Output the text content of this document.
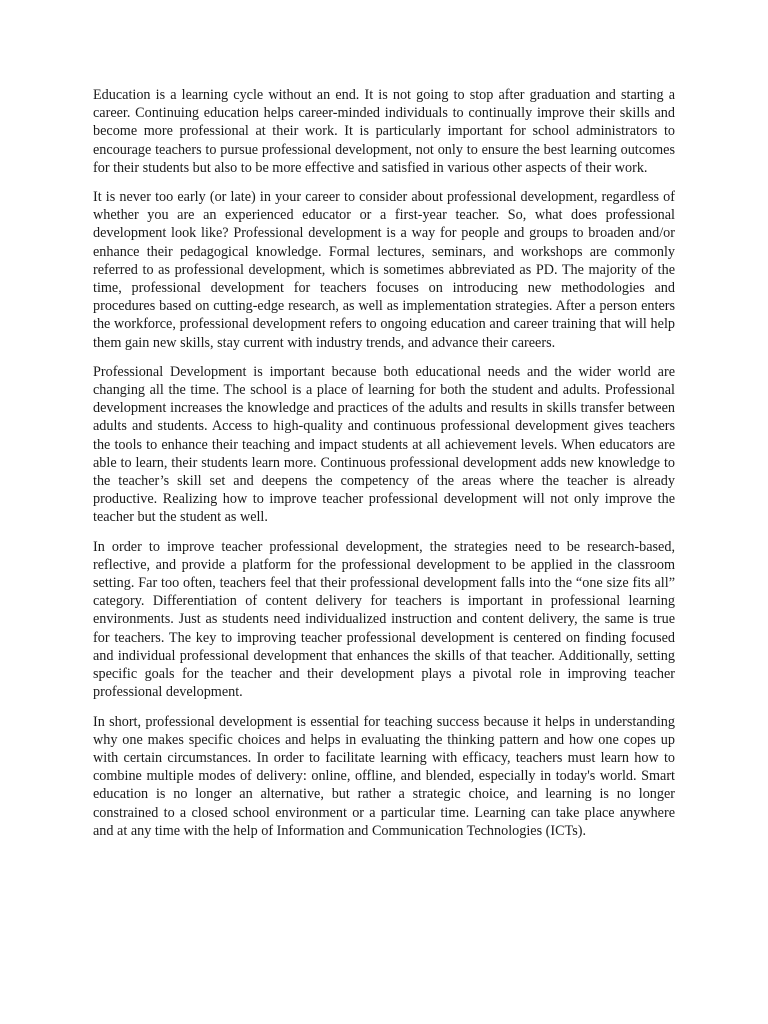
Education is a learning cycle without an end. It is not going to stop after graduation and starting a career. Continuing education helps career-minded individuals to continually improve their skills and become more professional at their work. It is particularly important for school administrators to encourage teachers to pursue professional development, not only to ensure the best learning outcomes for their students but also to be more effective and satisfied in various other aspects of their work.

It is never too early (or late) in your career to consider about professional development, regardless of whether you are an experienced educator or a first-year teacher. So, what does professional development look like? Professional development is a way for people and groups to broaden and/or enhance their pedagogical knowledge. Formal lectures, seminars, and workshops are commonly referred to as professional development, which is sometimes abbreviated as PD. The majority of the time, professional development for teachers focuses on introducing new methodologies and procedures based on cutting-edge research, as well as implementation strategies. After a person enters the workforce, professional development refers to ongoing education and career training that will help them gain new skills, stay current with industry trends, and advance their careers.

Professional Development is important because both educational needs and the wider world are changing all the time. The school is a place of learning for both the student and adults. Professional development increases the knowledge and practices of the adults and results in skills transfer between adults and students. Access to high-quality and continuous professional development gives teachers the tools to enhance their teaching and impact students at all achievement levels. When educators are able to learn, their students learn more. Continuous professional development adds new knowledge to the teacher’s skill set and deepens the competency of the areas where the teacher is already productive. Realizing how to improve teacher professional development will not only improve the teacher but the student as well.

In order to improve teacher professional development, the strategies need to be research-based, reflective, and provide a platform for the professional development to be applied in the classroom setting. Far too often, teachers feel that their professional development falls into the “one size fits all” category. Differentiation of content delivery for teachers is important in professional learning environments. Just as students need individualized instruction and content delivery, the same is true for teachers. The key to improving teacher professional development is centered on finding focused and individual professional development that enhances the skills of that teacher. Additionally, setting specific goals for the teacher and their development plays a pivotal role in improving teacher professional development.

In short, professional development is essential for teaching success because it helps in understanding why one makes specific choices and helps in evaluating the thinking pattern and how one copes up with certain circumstances. In order to facilitate learning with efficacy, teachers must learn how to combine multiple modes of delivery: online, offline, and blended, especially in today's world. Smart education is no longer an alternative, but rather a strategic choice, and learning is no longer constrained to a closed school environment or a particular time. Learning can take place anywhere and at any time with the help of Information and Communication Technologies (ICTs).
